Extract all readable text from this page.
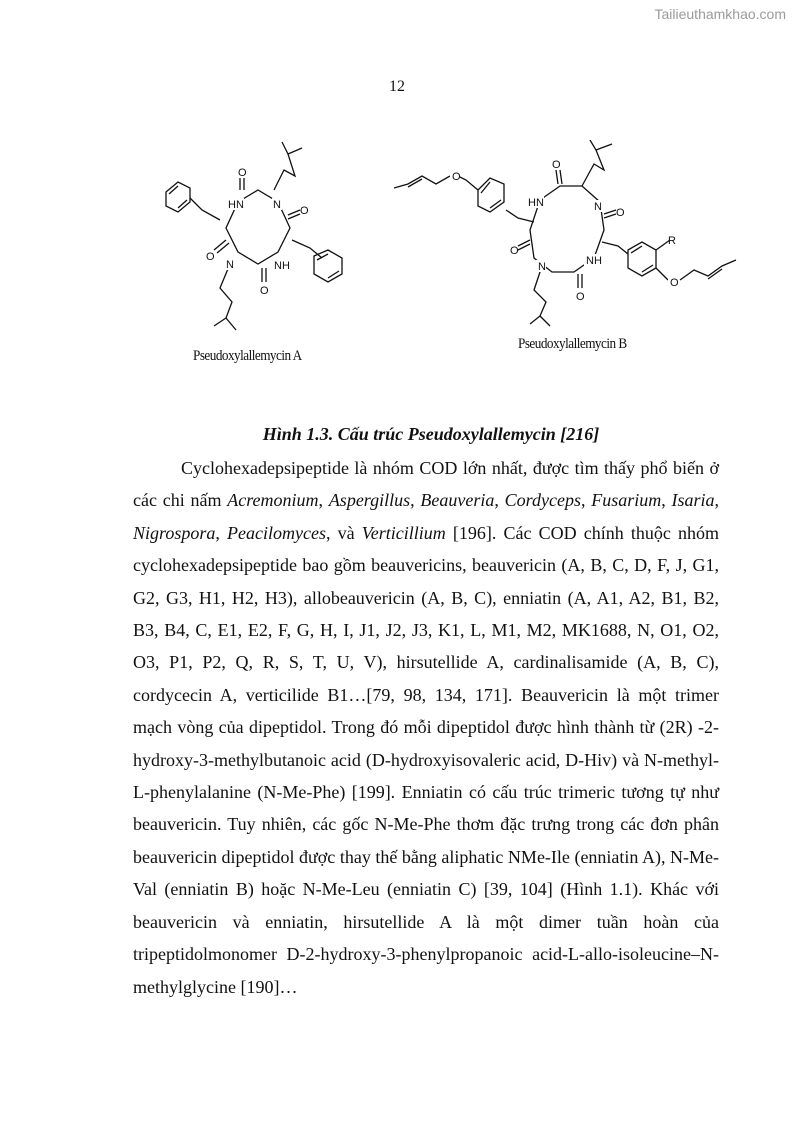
Tailieuthamkhao.com
12
HN	N
NH
N
O
O
O
O
Pseudoxylallemycin A
HN	N
NH
N
O
O
O
O
O
O
R
Pseudoxylallemycin B
Hình 1.3. Cấu trúc Pseudoxylallemycin [216]
Cyclohexadepsipeptide là nhóm COD lớn nhất, được tìm thấy phổ biến ở các chi nấm Acremonium, Aspergillus, Beauveria, Cordyceps, Fusarium, Isaria, Nigrospora, Peacilomyces, và Verticillium [196]. Các COD chính thuộc nhóm cyclohexadepsipeptide bao gồm beauvericins, beauvericin (A, B, C, D, F, J, G1, G2, G3, H1, H2, H3), allobeauvericin (A, B, C), enniatin (A, A1, A2, B1, B2, B3, B4, C, E1, E2, F, G, H, I, J1, J2, J3, K1, L, M1, M2, MK1688, N, O1, O2, O3, P1, P2, Q, R, S, T, U, V), hirsutellide A, cardinalisamide (A, B, C), cordycecin A, verticilide B1…[79, 98, 134, 171]. Beauvericin là một trimer mạch vòng của dipeptidol. Trong đó mỗi dipeptidol được hình thành từ (2R) -2-hydroxy-3-methylbutanoic acid (D-hydroxyisovaleric acid, D-Hiv) và N-methyl-L-phenylalanine (N-Me-Phe) [199]. Enniatin có cấu trúc trimeric tương tự như beauvericin. Tuy nhiên, các gốc N-Me-Phe thơm đặc trưng trong các đơn phân beauvericin dipeptidol được thay thế bằng aliphatic NMe-Ile (enniatin A), N-Me-Val (enniatin B) hoặc N-Me-Leu (enniatin C) [39, 104] (Hình 1.1). Khác với beauvericin và enniatin, hirsutellide A là một dimer tuần hoàn của tripeptidolmonomer D-2-hydroxy-3-phenylpropanoic acid-L-allo-isoleucine–N-methylglycine [190]…
